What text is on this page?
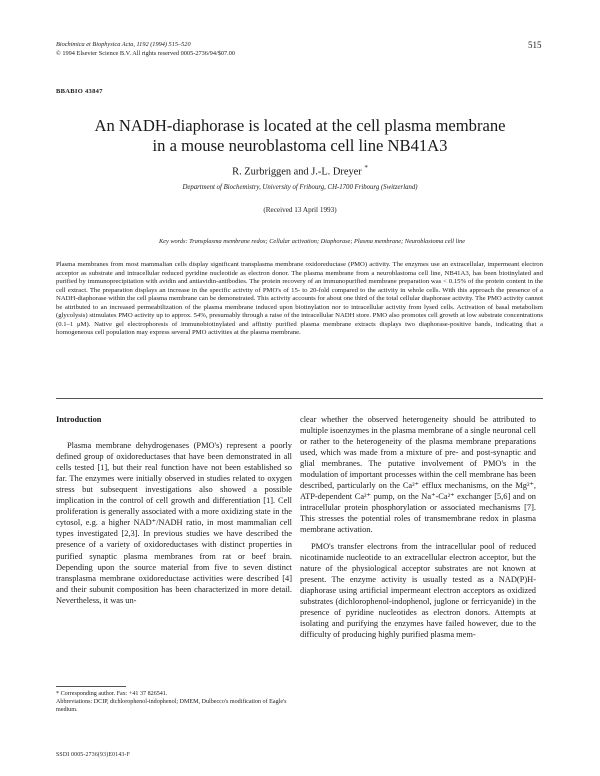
Biochimica et Biophysica Acta, 1192 (1994) 515–520
© 1994 Elsevier Science B.V. All rights reserved 0005-2736/94/$07.00
515
BBABIO 43847
An NADH-diaphorase is located at the cell plasma membrane
in a mouse neuroblastoma cell line NB41A3
R. Zurbriggen and J.-L. Dreyer *
Department of Biochemistry, University of Fribourg, CH-1700 Fribourg (Switzerland)
(Received 13 April 1993)
Key words: Transplasma membrane redox; Cellular activation; Diaphorase; Plasma membrane; Neuroblastoma cell line
Plasma membranes from most mammalian cells display significant transplasma membrane oxidoreductase (PMO) activity. The enzymes use an extracellular, impermeant electron acceptor as substrate and intracellular reduced pyridine nucleotide as electron donor. The plasma membrane from a neuroblastoma cell line, NB41A3, has been biotinylated and purified by immunoprecipitation with avidin and antiavidin-antibodies. The protein recovery of an immunopurified membrane preparation was < 0.15% of the protein content in the cell extract. The preparation displays an increase in the specific activity of PMO's of 15- to 20-fold compared to the activity in whole cells. With this approach the presence of a NADH-diaphorase within the cell plasma membrane can be demonstrated. This activity accounts for about one third of the total cellular diaphorase activity. The PMO activity cannot be attributed to an increased permeabilization of the plasma membrane induced upon biotinylation nor to intracellular activity from lysed cells. Activation of basal metabolism (glycolysis) stimulates PMO activity up to approx. 54%, presumably through a raise of the intracellular NADH store. PMO also promotes cell growth at low substrate concentrations (0.1–1 μM). Native gel electrophoresis of immunobiotinylated and affinity purified plasma membrane extracts displays two diaphorase-positive bands, indicating that a homogeneous cell population may express several PMO activities at the plasma membrane.

Introduction

Plasma membrane dehydrogenases (PMO's) represent a poorly defined group of oxidoreductases that have been demonstrated in all cells tested [1], but their real function have not been established so far. The enzymes were initially observed in studies related to oxygen stress but subsequent investigations also showed a possible implication in the control of cell growth and differentiation [1]. Cell proliferation is generally associated with a more oxidizing state in the cytosol, e.g. a higher NAD⁺/NADH ratio, in most mammalian cell types investigated [2,3]. In previous studies we have described the presence of a variety of oxidoreductases with distinct properties in purified synaptic plasma membranes from rat or beef brain. Depending upon the source material from five to seven distinct transplasma membrane oxidoreductase activities were described [4] and their subunit composition has been characterized in more detail. Nevertheless, it was un-

clear whether the observed heterogeneity should be attributed to multiple isoenzymes in the plasma membrane of a single neuronal cell or rather to the heterogeneity of the plasma membrane preparations used, which was made from a mixture of pre- and post-synaptic and glial membranes. The putative involvement of PMO's in the modulation of important processes within the cell membrane has been described, particularly on the Ca²⁺ efflux mechanisms, on the Mg²⁺, ATP-dependent Ca²⁺ pump, on the Na⁺-Ca²⁺ exchanger [5,6] and on intracellular protein phosphorylation or associated mechanisms [7]. This stresses the potential roles of transmembrane redox in plasma membrane activation.

PMO's transfer electrons from the intracellular pool of reduced nicotinamide nucleotide to an extracellular electron acceptor, but the nature of the physiological acceptor substrates are not known at present. The enzyme activity is usually tested as a NAD(P)H-diaphorase using artificial impermeant electron acceptors as oxidized substrates (dichlorophenol-indophenol, juglone or ferricyanide) in the presence of pyridine nucleotides as electron donors. Attempts at isolating and purifying the enzymes have failed however, due to the difficulty of producing highly purified plasma mem-

* Corresponding author. Fax: +41 37 826541.

Abbreviations: DCIP, dichlorophenol-indophenol; DMEM, Dulbecco's modification of Eagle's medium.

SSDI 0005-2736(93)E0143-F
